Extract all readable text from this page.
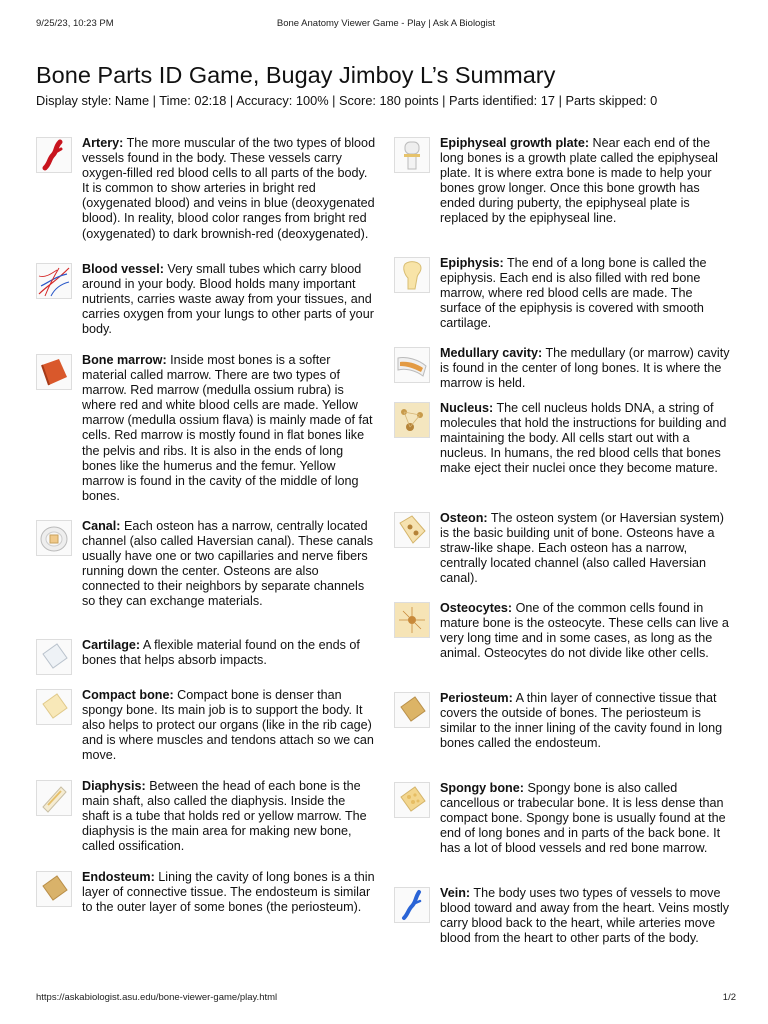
9/25/23, 10:23 PM	Bone Anatomy Viewer Game - Play | Ask A Biologist
Bone Parts ID Game, Bugay Jimboy L’s Summary
Display style: Name | Time: 02:18 | Accuracy: 100% | Score: 180 points | Parts identified: 17 | Parts skipped: 0
Artery: The more muscular of the two types of blood vessels found in the body. These vessels carry oxygen-filled red blood cells to all parts of the body. It is common to show arteries in bright red (oxygenated blood) and veins in blue (deoxygenated blood). In reality, blood color ranges from bright red (oxygenated) to dark brownish-red (deoxygenated).
Blood vessel: Very small tubes which carry blood around in your body. Blood holds many important nutrients, carries waste away from your tissues, and carries oxygen from your lungs to other parts of your body.
Bone marrow: Inside most bones is a softer material called marrow. There are two types of marrow. Red marrow (medulla ossium rubra) is where red and white blood cells are made. Yellow marrow (medulla ossium flava) is mainly made of fat cells. Red marrow is mostly found in flat bones like the pelvis and ribs. It is also in the ends of long bones like the humerus and the femur. Yellow marrow is found in the cavity of the middle of long bones.
Canal: Each osteon has a narrow, centrally located channel (also called Haversian canal). These canals usually have one or two capillaries and nerve fibers running down the center. Osteons are also connected to their neighbors by separate channels so they can exchange materials.
Cartilage: A flexible material found on the ends of bones that helps absorb impacts.
Compact bone: Compact bone is denser than spongy bone. Its main job is to support the body. It also helps to protect our organs (like in the rib cage) and is where muscles and tendons attach so we can move.
Diaphysis: Between the head of each bone is the main shaft, also called the diaphysis. Inside the shaft is a tube that holds red or yellow marrow. The diaphysis is the main area for making new bone, called ossification.
Endosteum: Lining the cavity of long bones is a thin layer of connective tissue. The endosteum is similar to the outer layer of some bones (the periosteum).
Epiphyseal growth plate: Near each end of the long bones is a growth plate called the epiphyseal plate. It is where extra bone is made to help your bones grow longer. Once this bone growth has ended during puberty, the epiphyseal plate is replaced by the epiphyseal line.
Epiphysis: The end of a long bone is called the epiphysis. Each end is also filled with red bone marrow, where red blood cells are made. The surface of the epiphysis is covered with smooth cartilage.
Medullary cavity: The medullary (or marrow) cavity is found in the center of long bones. It is where the marrow is held.
Nucleus: The cell nucleus holds DNA, a string of molecules that hold the instructions for building and maintaining the body. All cells start out with a nucleus. In humans, the red blood cells that bones make eject their nuclei once they become mature.
Osteon: The osteon system (or Haversian system) is the basic building unit of bone. Osteons have a straw-like shape. Each osteon has a narrow, centrally located channel (also called Haversian canal).
Osteocytes: One of the common cells found in mature bone is the osteocyte. These cells can live a very long time and in some cases, as long as the animal. Osteocytes do not divide like other cells.
Periosteum: A thin layer of connective tissue that covers the outside of bones. The periosteum is similar to the inner lining of the cavity found in long bones called the endosteum.
Spongy bone: Spongy bone is also called cancellous or trabecular bone. It is less dense than compact bone. Spongy bone is usually found at the end of long bones and in parts of the back bone. It has a lot of blood vessels and red bone marrow.
Vein: The body uses two types of vessels to move blood toward and away from the heart. Veins mostly carry blood back to the heart, while arteries move blood from the heart to other parts of the body.
https://askabiologist.asu.edu/bone-viewer-game/play.html	1/2
